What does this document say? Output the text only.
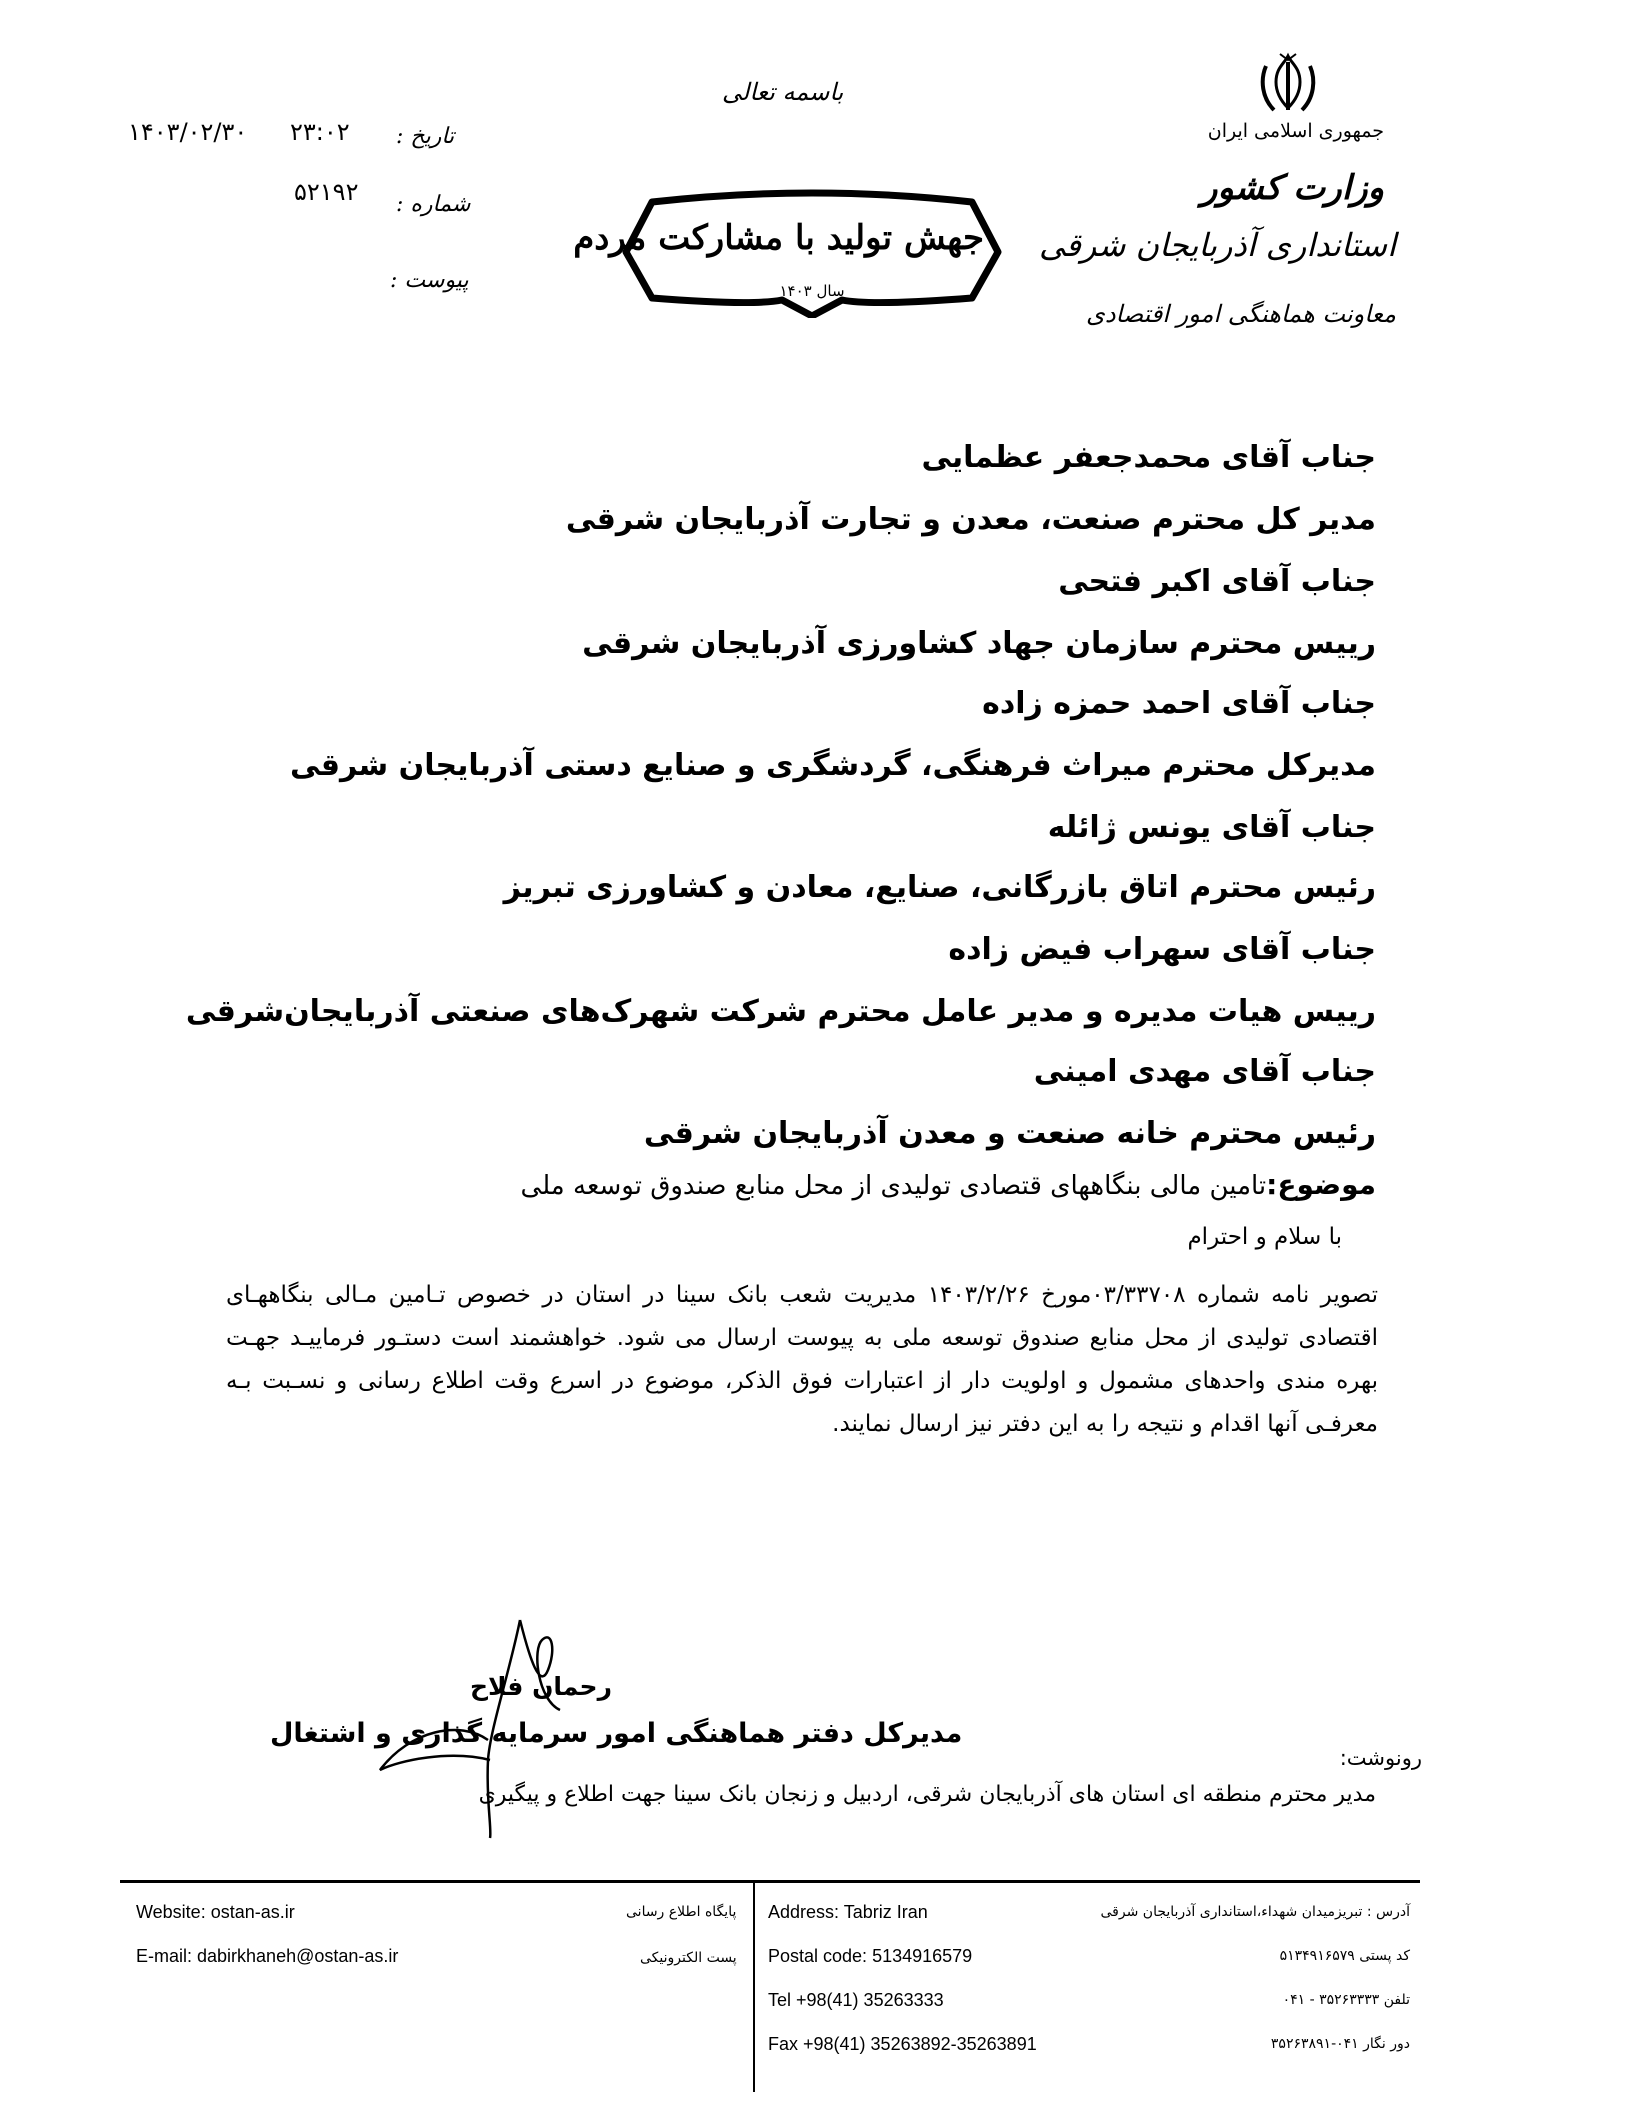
جمهوری اسلامی ایران
وزارت کشور
استانداری آذربایجان شرقی
معاونت هماهنگی امور اقتصادی
باسمه تعالی
جهش تولید با مشارکت مردم
سال ۱۴۰۳
تاریخ :
۱۴۰۳/۰۲/۳۰ ۲۳:۰۲
شماره :
۵۲۱۹۲
پیوست :
جناب آقای محمدجعفر عظمایی
مدیر کل محترم صنعت، معدن و تجارت آذربایجان شرقی
جناب آقای اکبر فتحی
رییس محترم سازمان جهاد کشاورزی آذربایجان شرقی
جناب آقای احمد حمزه زاده
مدیرکل محترم میراث فرهنگی، گردشگری و صنایع دستی آذربایجان شرقی
جناب آقای یونس ژائله
رئیس محترم اتاق بازرگانی، صنایع، معادن و کشاورزی تبریز
جناب آقای سهراب فیض زاده
رییس هیات مدیره و مدیر عامل محترم شرکت شهرک‌های صنعتی آذربایجان‌شرقی
جناب آقای مهدی امینی
رئیس محترم خانه صنعت و معدن آذربایجان شرقی
موضوع:تامین مالی بنگاههای قتصادی تولیدی از محل منابع صندوق توسعه ملی
با سلام و احترام
تصویر نامه شماره ۰۳/۳۳۷۰۸مورخ ۱۴۰۳/۲/۲۶ مدیریت شعب بانک سینا در استان در خصوص تـامین مـالی بنگاههـای اقتصادی تولیدی از محل منابع صندوق توسعه ملی به پیوست ارسال می شود. خواهشمند است دستـور فرماییـد جهـت بهره مندی واحدهای مشمول و اولویت دار از اعتبارات فوق الذکر، موضوع در اسرع وقت اطلاع رسانی و نسـبت بـه معرفـی آنها اقدام و نتیجه را به این دفتر نیز ارسال نمایند.
رحمان فلاح
مدیرکل دفتر هماهنگی امور سرمایه گذاری و اشتغال
رونوشت:
مدیر محترم منطقه ای استان های آذربایجان شرقی، اردبیل و زنجان بانک سینا جهت اطلاع و پیگیری
Website: ostan-as.ir	پایگاه اطلاع رسانی
E-mail: dabirkhaneh@ostan-as.ir	پست الکترونیکی
Address: Tabriz Iran	آدرس : تبریزمیدان شهداء،استانداری آذربایجان شرقی
Postal code: 5134916579	کد پستی ۵۱۳۴۹۱۶۵۷۹
Tel +98(41) 35263333	تلفن ۳۵۲۶۳۳۳۳ - ۰۴۱
Fax +98(41) 35263892-35263891	دور نگار ۰۴۱-۳۵۲۶۳۸۹۱
